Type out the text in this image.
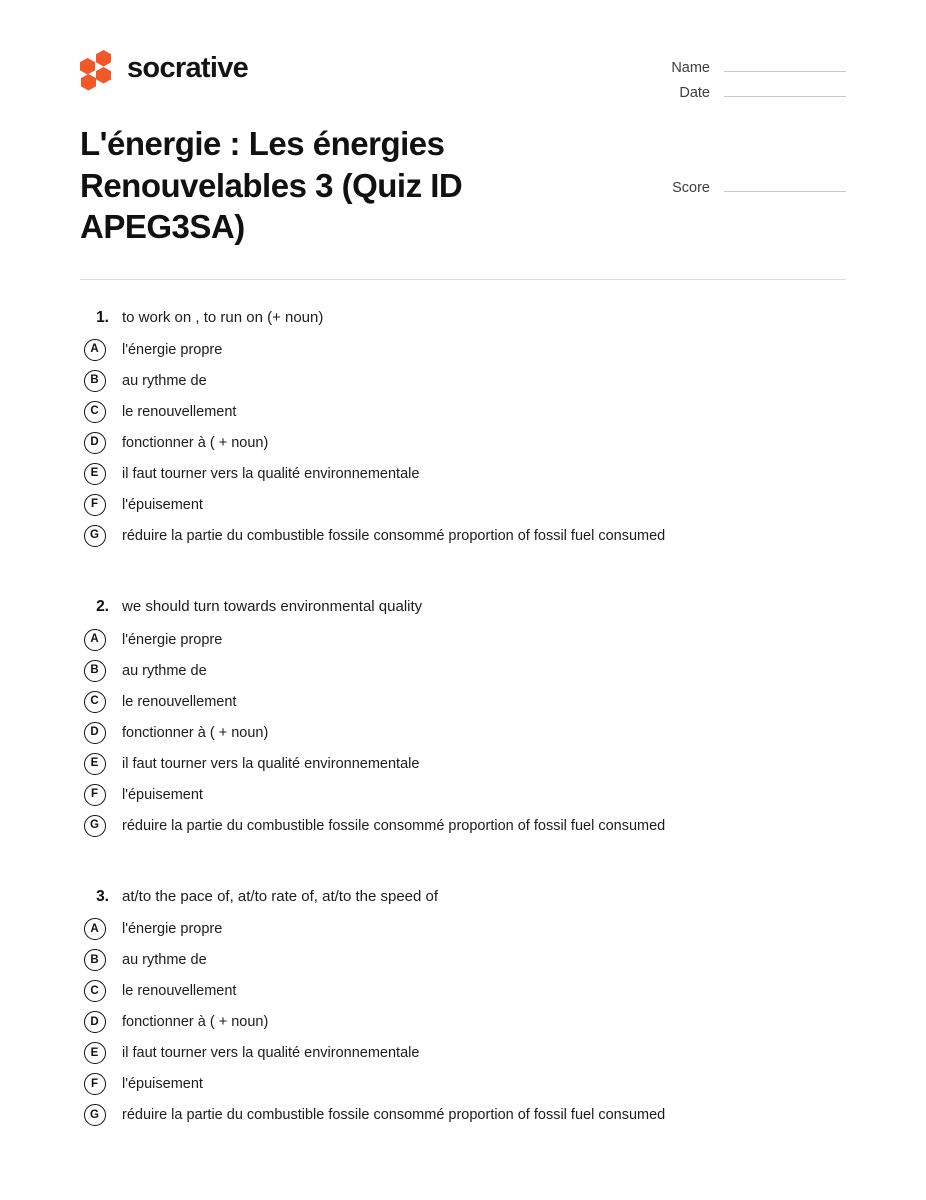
socrative	Name
Date
L'énergie : Les énergies Renouvelables 3 (Quiz ID APEG3SA)
Score
1. to work on , to run on (+ noun)
A	l'énergie propre
B	au rythme de
C	le renouvellement
D	fonctionner à ( + noun)
E	il faut tourner vers la qualité environnementale
F	l'épuisement
G	réduire la partie du combustible fossile consommé proportion of fossil fuel consumed
2. we should turn towards environmental quality
A	l'énergie propre
B	au rythme de
C	le renouvellement
D	fonctionner à ( + noun)
E	il faut tourner vers la qualité environnementale
F	l'épuisement
G	réduire la partie du combustible fossile consommé proportion of fossil fuel consumed
3. at/to the pace of, at/to rate of, at/to the speed of
A	l'énergie propre
B	au rythme de
C	le renouvellement
D	fonctionner à ( + noun)
E	il faut tourner vers la qualité environnementale
F	l'épuisement
G	réduire la partie du combustible fossile consommé proportion of fossil fuel consumed
